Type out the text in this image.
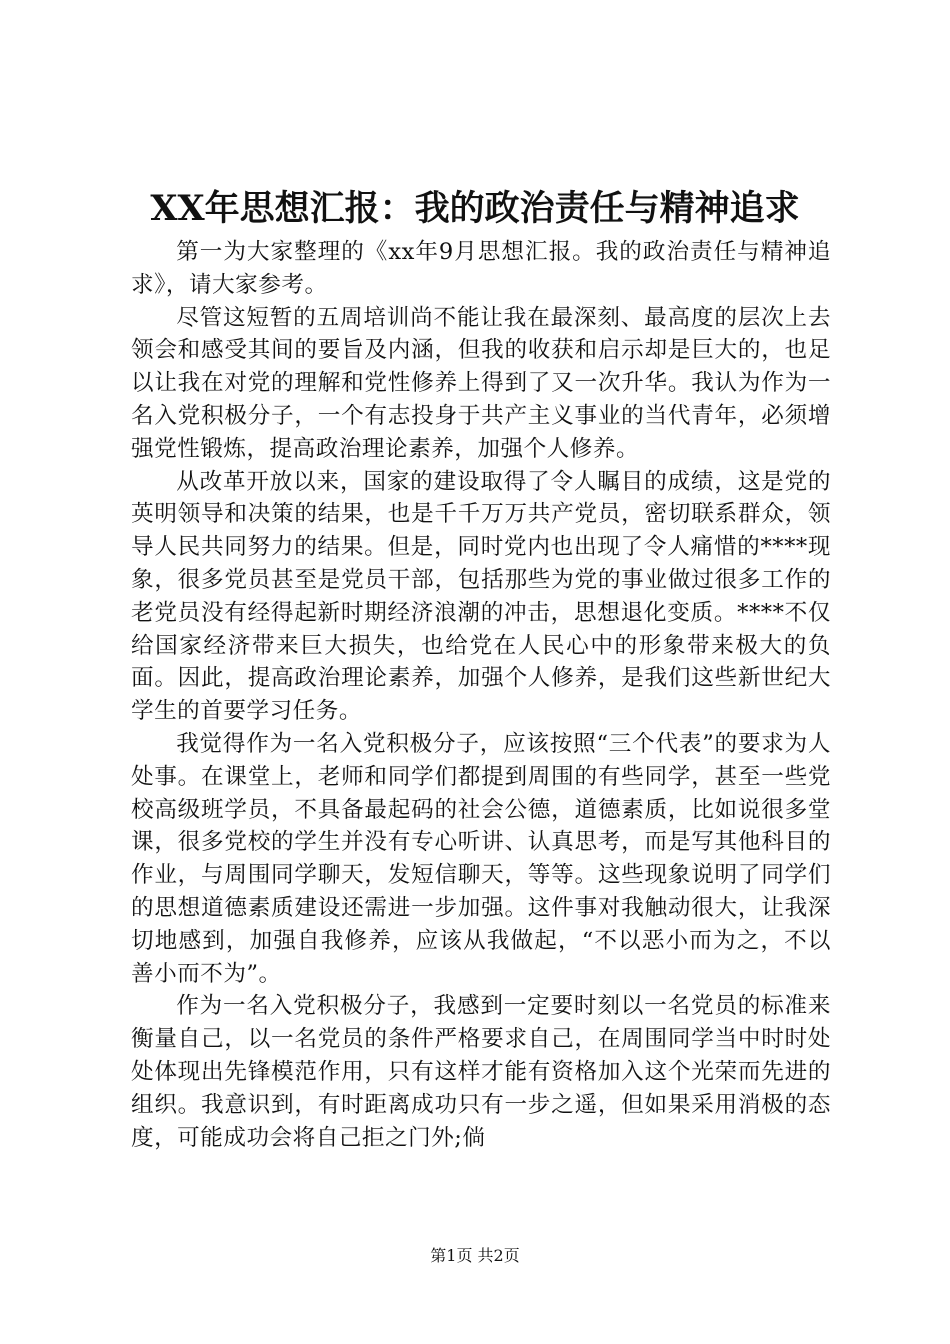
XX年思想汇报：我的政治责任与精神追求

第一为大家整理的《xx年9月思想汇报。我的政治责任与精神追求》，请大家参考。

尽管这短暂的五周培训尚不能让我在最深刻、最高度的层次上去领会和感受其间的要旨及内涵，但我的收获和启示却是巨大的，也足以让我在对党的理解和党性修养上得到了又一次升华。我认为作为一名入党积极分子，一个有志投身于共产主义事业的当代青年，必须增强党性锻炼，提高政治理论素养，加强个人修养。

从改革开放以来，国家的建设取得了令人瞩目的成绩，这是党的英明领导和决策的结果，也是千千万万共产党员，密切联系群众，领导人民共同努力的结果。但是，同时党内也出现了令人痛惜的****现象，很多党员甚至是党员干部，包括那些为党的事业做过很多工作的老党员没有经得起新时期经济浪潮的冲击，思想退化变质。****不仅给国家经济带来巨大损失，也给党在人民心中的形象带来极大的负面。因此，提高政治理论素养，加强个人修养，是我们这些新世纪大学生的首要学习任务。

我觉得作为一名入党积极分子，应该按照“三个代表”的要求为人处事。在课堂上，老师和同学们都提到周围的有些同学，甚至一些党校高级班学员，不具备最起码的社会公德，道德素质，比如说很多堂课，很多党校的学生并没有专心听讲、认真思考，而是写其他科目的作业，与周围同学聊天，发短信聊天，等等。这些现象说明了同学们的思想道德素质建设还需进一步加强。这件事对我触动很大，让我深切地感到，加强自我修养，应该从我做起，“不以恶小而为之，不以善小而不为”。

作为一名入党积极分子，我感到一定要时刻以一名党员的标准来衡量自己，以一名党员的条件严格要求自己，在周围同学当中时时处处体现出先锋模范作用，只有这样才能有资格加入这个光荣而先进的组织。我意识到，有时距离成功只有一步之遥，但如果采用消极的态度，可能成功会将自己拒之门外;倘

第1页 共2页
